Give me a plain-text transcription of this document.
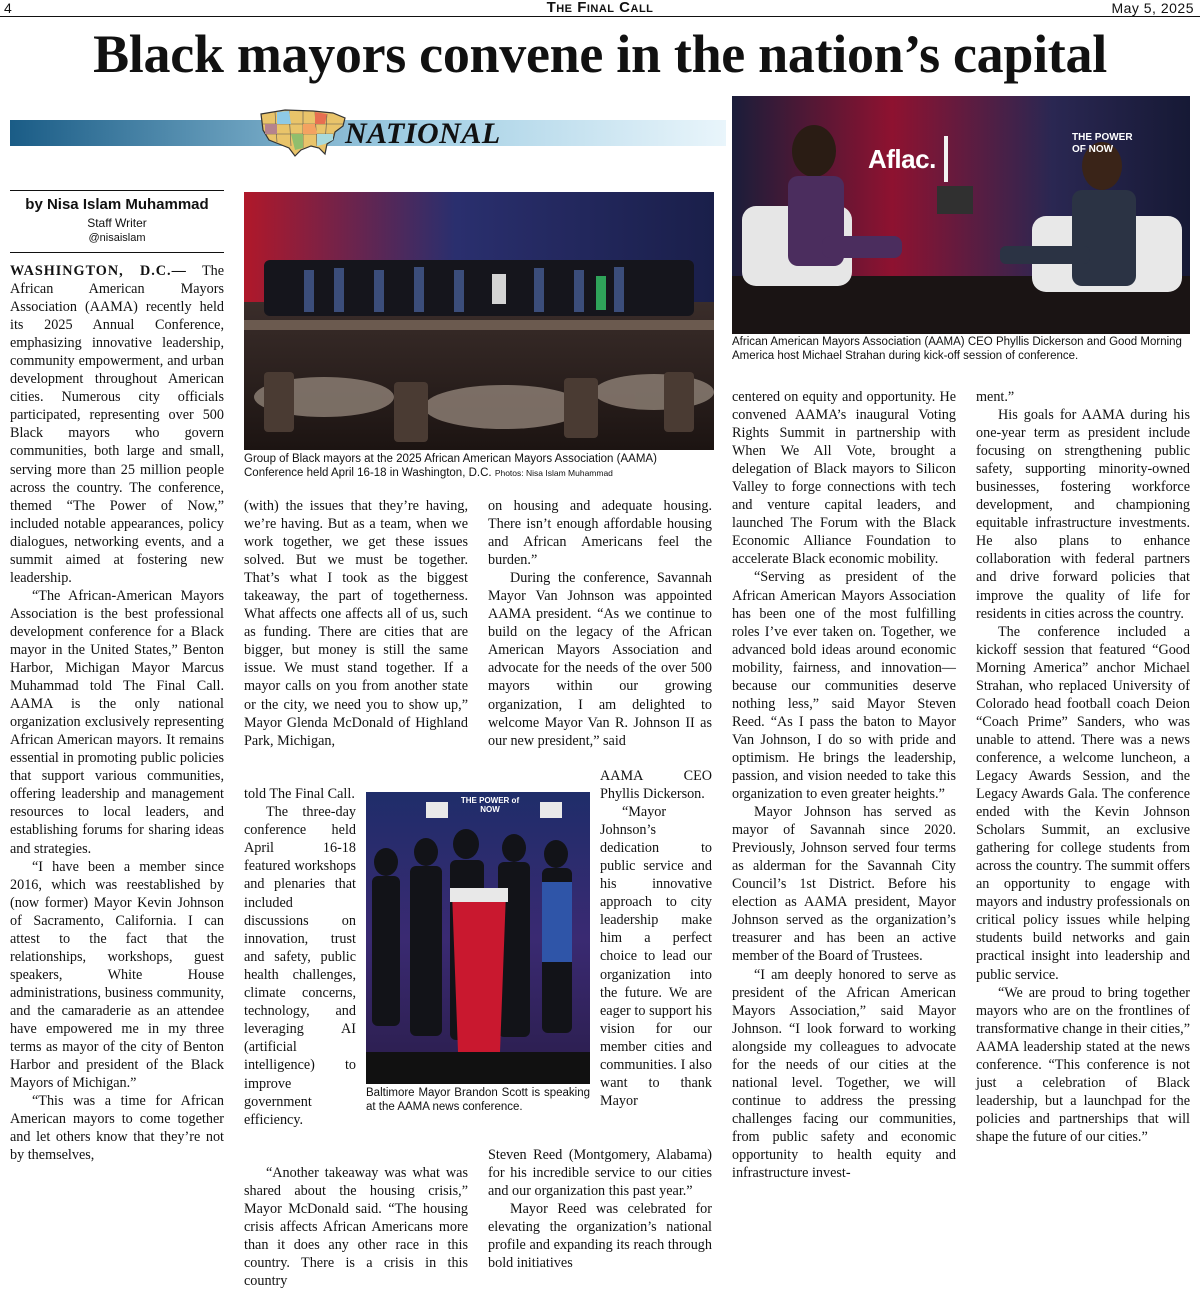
4	The Final Call	May 5, 2025
Black mayors convene in the nation’s capital
NATIONAL
by Nisa Islam Muhammad
Staff Writer
@nisaislam

WASHINGTON, D.C.— The African American Mayors Association (AAMA) recently held its 2025 Annual Conference, emphasizing innovative leadership, community empowerment, and urban development throughout American cities. Numerous city officials participated, representing over 500 Black mayors who govern communities, both large and small, serving more than 25 million people across the country. The conference, themed “The Power of Now,” included notable appearances, policy dialogues, networking events, and a summit aimed at fostering new leadership.

“The African-American Mayors Association is the best professional development conference for a Black mayor in the United States,” Benton Harbor, Michigan Mayor Marcus Muhammad told The Final Call. AAMA is the only national organization exclusively representing African American mayors. It remains essential in promoting public policies that support various communities, offering leadership and management resources to local leaders, and establishing forums for sharing ideas and strategies.

“I have been a member since 2016, which was reestablished by (now former) Mayor Kevin Johnson of Sacramento, California. I can attest to the fact that the relationships, workshops, guest speakers, White House administrations, business community, and the camaraderie as an attendee have empowered me in my three terms as mayor of the city of Benton Harbor and president of the Black Mayors of Michigan.”

“This was a time for African American mayors to come together and let others know that they’re not by themselves,

Group of Black mayors at the 2025 African American Mayors Association (AAMA) Conference held April 16-18 in Washington, D.C. Photos: Nisa Islam Muhammad
Aflac.
THE POWER OF NOW
African American Mayors Association (AAMA) CEO Phyllis Dickerson and Good Morning America host Michael Strahan during kick-off session of conference.

(with) the issues that they’re having, we’re having. But as a team, when we work together, we get these issues solved. But we must be together. That’s what I took as the biggest takeaway, the part of togetherness. What affects one affects all of us, such as funding. There are cities that are bigger, but money is still the same issue. We must stand together. If a mayor calls on you from another state or the city, we need you to show up,” Mayor Glenda McDonald of Highland Park, Michigan,

told The Final Call.

The three-day conference held April 16-18 featured workshops and plenaries that included discussions on innovation, trust and safety, public health challenges, climate concerns, technology, and leveraging AI (artificial intelligence) to improve government efficiency.

“Another takeaway was what was shared about the housing crisis,” Mayor McDonald said. “The housing crisis affects African Americans more than it does any other race in this country. There is a crisis in this country

THE POWER of NOW
Baltimore Mayor Brandon Scott is speaking at the AAMA news conference.

on housing and adequate housing. There isn’t enough affordable housing and African Americans feel the burden.”

During the conference, Savannah Mayor Van Johnson was appointed AAMA president. “As we continue to build on the legacy of the African American Mayors Association and advocate for the needs of the over 500 mayors within our growing organization, I am delighted to welcome Mayor Van R. Johnson II as our new president,” said

AAMA CEO Phyllis Dickerson.

“Mayor Johnson’s dedication to public service and his innovative approach to city leadership make him a perfect choice to lead our organization into the future. We are eager to support his vision for our member cities and communities. I also want to thank Mayor

Steven Reed (Montgomery, Alabama) for his incredible service to our cities and our organization this past year.”

Mayor Reed was celebrated for elevating the organization’s national profile and expanding its reach through bold initiatives

centered on equity and opportunity. He convened AAMA’s inaugural Voting Rights Summit in partnership with When We All Vote, brought a delegation of Black mayors to Silicon Valley to forge connections with tech and venture capital leaders, and launched The Forum with the Black Economic Alliance Foundation to accelerate Black economic mobility.

“Serving as president of the African American Mayors Association has been one of the most fulfilling roles I’ve ever taken on. Together, we advanced bold ideas around economic mobility, fairness, and innovation—because our communities deserve nothing less,” said Mayor Steven Reed. “As I pass the baton to Mayor Van Johnson, I do so with pride and optimism. He brings the leadership, passion, and vision needed to take this organization to even greater heights.”

Mayor Johnson has served as mayor of Savannah since 2020. Previously, Johnson served four terms as alderman for the Savannah City Council’s 1st District. Before his election as AAMA president, Mayor Johnson served as the organization’s treasurer and has been an active member of the Board of Trustees.

“I am deeply honored to serve as president of the African American Mayors Association,” said Mayor Johnson. “I look forward to working alongside my colleagues to advocate for the needs of our cities at the national level. Together, we will continue to address the pressing challenges facing our communities, from public safety and economic opportunity to health equity and infrastructure invest-

ment.”

His goals for AAMA during his one-year term as president include focusing on strengthening public safety, supporting minority-owned businesses, fostering workforce development, and championing equitable infrastructure investments. He also plans to enhance collaboration with federal partners and drive forward policies that improve the quality of life for residents in cities across the country.

The conference included a kickoff session that featured “Good Morning America” anchor Michael Strahan, who replaced University of Colorado head football coach Deion “Coach Prime” Sanders, who was unable to attend. There was a news conference, a welcome luncheon, a Legacy Awards Session, and the Legacy Awards Gala. The conference ended with the Kevin Johnson Scholars Summit, an exclusive gathering for college students from across the country. The summit offers an opportunity to engage with mayors and industry professionals on critical policy issues while helping students build networks and gain practical insight into leadership and public service.

“We are proud to bring together mayors who are on the frontlines of transformative change in their cities,” AAMA leadership stated at the news conference. “This conference is not just a celebration of Black leadership, but a launchpad for the policies and partnerships that will shape the future of our cities.”
